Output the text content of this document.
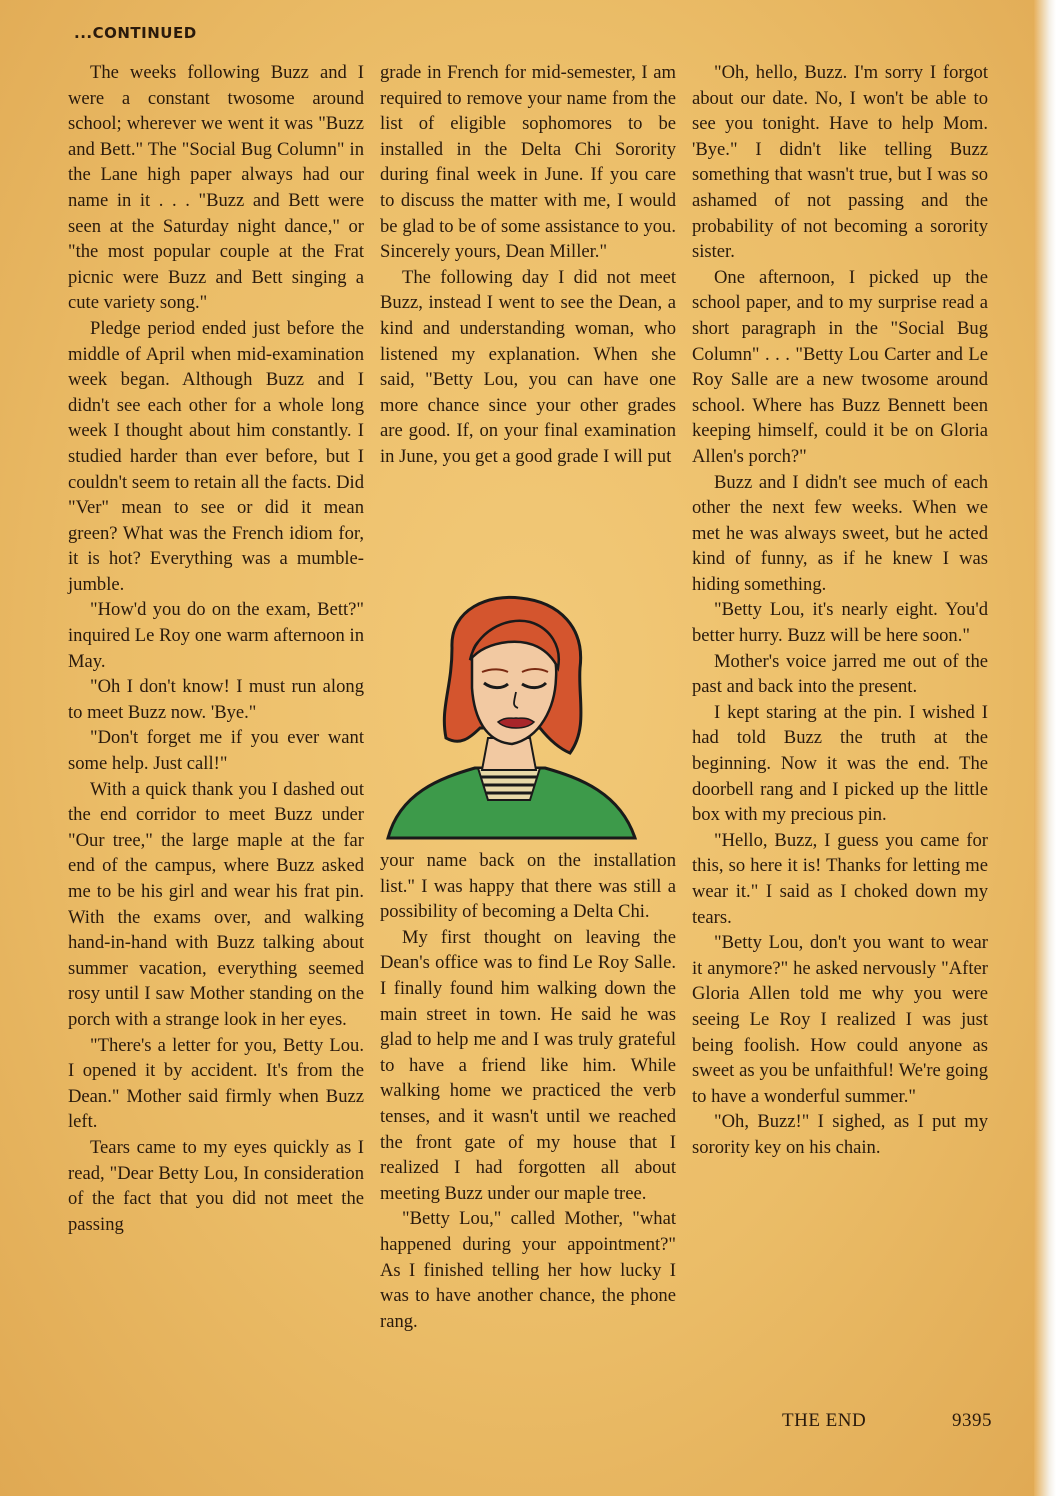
...CONTINUED

The weeks following Buzz and I were a constant twosome around school; wherever we went it was "Buzz and Bett." The "Social Bug Column" in the Lane high paper always had our name in it . . . "Buzz and Bett were seen at the Saturday night dance," or "the most popular couple at the Frat picnic were Buzz and Bett singing a cute variety song."

Pledge period ended just before the middle of April when mid-examination week began. Although Buzz and I didn't see each other for a whole long week I thought about him constantly. I studied harder than ever before, but I couldn't seem to retain all the facts. Did "Ver" mean to see or did it mean green? What was the French idiom for, it is hot? Everything was a mumble-jumble.

"How'd you do on the exam, Bett?" inquired Le Roy one warm afternoon in May.

"Oh I don't know! I must run along to meet Buzz now. 'Bye."

"Don't forget me if you ever want some help. Just call!"

With a quick thank you I dashed out the end corridor to meet Buzz under "Our tree," the large maple at the far end of the campus, where Buzz asked me to be his girl and wear his frat pin. With the exams over, and walking hand-in-hand with Buzz talking about summer vacation, everything seemed rosy until I saw Mother standing on the porch with a strange look in her eyes.

"There's a letter for you, Betty Lou. I opened it by accident. It's from the Dean." Mother said firmly when Buzz left.

Tears came to my eyes quickly as I read, "Dear Betty Lou, In consideration of the fact that you did not meet the passing

grade in French for mid-semester, I am required to remove your name from the list of eligible sophomores to be installed in the Delta Chi Sorority during final week in June. If you care to discuss the matter with me, I would be glad to be of some assistance to you. Sincerely yours, Dean Miller."

The following day I did not meet Buzz, instead I went to see the Dean, a kind and understanding woman, who listened my explanation. When she said, "Betty Lou, you can have one more chance since your other grades are good. If, on your final examination in June, you get a good grade I will put

your name back on the installation list." I was happy that there was still a possibility of becoming a Delta Chi.

My first thought on leaving the Dean's office was to find Le Roy Salle. I finally found him walking down the main street in town. He said he was glad to help me and I was truly grateful to have a friend like him. While walking home we practiced the verb tenses, and it wasn't until we reached the front gate of my house that I realized I had forgotten all about meeting Buzz under our maple tree.

"Betty Lou," called Mother, "what happened during your appointment?" As I finished telling her how lucky I was to have another chance, the phone rang.

"Oh, hello, Buzz. I'm sorry I forgot about our date. No, I won't be able to see you tonight. Have to help Mom. 'Bye." I didn't like telling Buzz something that wasn't true, but I was so ashamed of not passing and the probability of not becoming a sorority sister.

One afternoon, I picked up the school paper, and to my surprise read a short paragraph in the "Social Bug Column" . . . "Betty Lou Carter and Le Roy Salle are a new twosome around school. Where has Buzz Bennett been keeping himself, could it be on Gloria Allen's porch?"

Buzz and I didn't see much of each other the next few weeks. When we met he was always sweet, but he acted kind of funny, as if he knew I was hiding something.

"Betty Lou, it's nearly eight. You'd better hurry. Buzz will be here soon."

Mother's voice jarred me out of the past and back into the present.

I kept staring at the pin. I wished I had told Buzz the truth at the beginning. Now it was the end. The doorbell rang and I picked up the little box with my precious pin.

"Hello, Buzz, I guess you came for this, so here it is! Thanks for letting me wear it." I said as I choked down my tears.

"Betty Lou, don't you want to wear it anymore?" he asked nervously "After Gloria Allen told me why you were seeing Le Roy I realized I was just being foolish. How could anyone as sweet as you be unfaithful! We're going to have a wonderful summer."

"Oh, Buzz!" I sighed, as I put my sorority key on his chain.

THE END	9395
